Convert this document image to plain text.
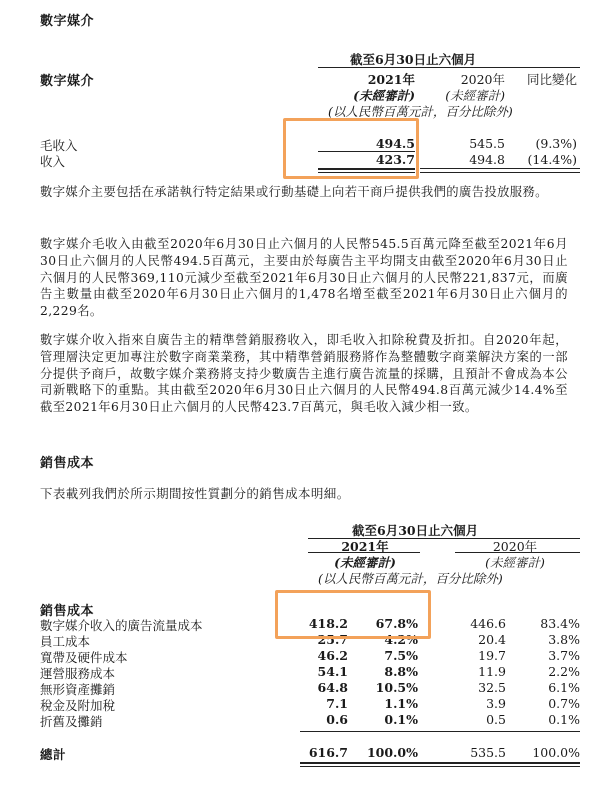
數字媒介
截至6月30日止六個月
數字媒介	2021年	2020年	同比變化
(未經審計)	(未經審計)
(以人民幣百萬元計，百分比除外)
毛收入	494.5	545.5	(9.3%)
收入	423.7	494.8	(14.4%)
數字媒介主要包括在承諾執行特定結果或行動基礎上向若干商戶提供我們的廣告投放服務。
數字媒介毛收入由截至2020年6月30日止六個月的人民幣545.5百萬元降至截至2021年6月30日止六個月的人民幣494.5百萬元，主要由於每廣告主平均開支由截至2020年6月30日止六個月的人民幣369,110元減少至截至2021年6月30日止六個月的人民幣221,837元，而廣告主數量由截至2020年6月30日止六個月的1,478名增至截至2021年6月30日止六個月的2,229名。
數字媒介收入指來自廣告主的精準營銷服務收入，即毛收入扣除稅費及折扣。自2020年起，管理層決定更加專注於數字商業業務，其中精準營銷服務將作為整體數字商業解決方案的一部分提供予商戶，故數字媒介業務將支持少數廣告主進行廣告流量的採購，且預計不會成為本公司新戰略下的重點。其由截至2020年6月30日止六個月的人民幣494.8百萬元減少14.4%至截至2021年6月30日止六個月的人民幣423.7百萬元，與毛收入減少相一致。
銷售成本
下表載列我們於所示期間按性質劃分的銷售成本明細。
截至6月30日止六個月
2021年	2020年
(未經審計)	(未經審計)
(以人民幣百萬元計，百分比除外)
銷售成本
數字媒介收入的廣告流量成本	418.2	67.8%	446.6	83.4%
員工成本	25.7	4.2%	20.4	3.8%
寬帶及硬件成本	46.2	7.5%	19.7	3.7%
運營服務成本	54.1	8.8%	11.9	2.2%
無形資產攤銷	64.8	10.5%	32.5	6.1%
稅金及附加稅	7.1	1.1%	3.9	0.7%
折舊及攤銷	0.6	0.1%	0.5	0.1%
總計	616.7	100.0%	535.5	100.0%
